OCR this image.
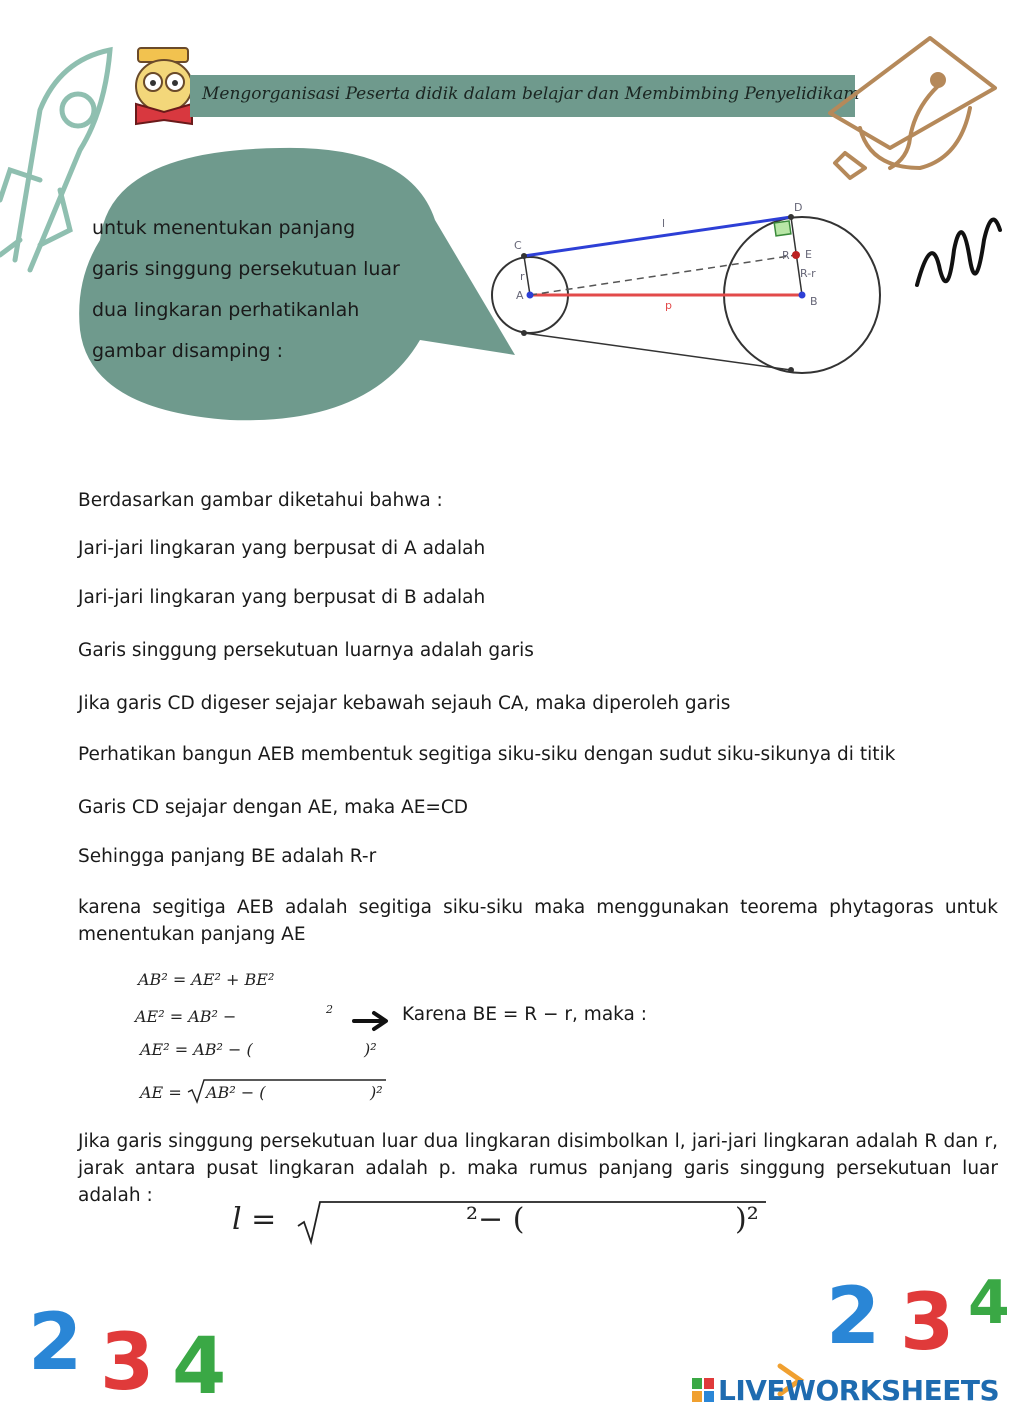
Mengorganisasi Peserta didik dalam belajar dan Membimbing Penyelidikam
untuk menentukan panjang
garis singgung persekutuan luar
dua lingkaran perhatikanlah
gambar disamping :
C
D
A	B
R E
r
l
p
R-r
Berdasarkan gambar diketahui bahwa :
Jari-jari lingkaran yang berpusat di A adalah
Jari-jari lingkaran yang berpusat di B adalah
Garis singgung persekutuan luarnya adalah garis
Jika garis CD digeser sejajar kebawah sejauh CA, maka diperoleh garis
Perhatikan bangun AEB membentuk segitiga siku-siku dengan sudut siku-sikunya di titik
Garis CD sejajar dengan AE, maka AE=CD
Sehingga panjang BE adalah R-r
karena segitiga AEB adalah segitiga siku-siku maka menggunakan teorema phytagoras untuk menentukan panjang AE
AB² = AE² + BE²
AE² = AB² −	2	Karena BE = R − r, maka :
AE² = AB² − (	)²
AE = AB² − (	)²
Jika garis singgung persekutuan luar dua lingkaran disimbolkan l, jari-jari lingkaran adalah R dan r, jarak antara pusat lingkaran adalah p. maka rumus panjang garis singgung persekutuan luar adalah :
l =	²− (	)²
2 3 4
2 3 4
LIVEWORKSHEETS
